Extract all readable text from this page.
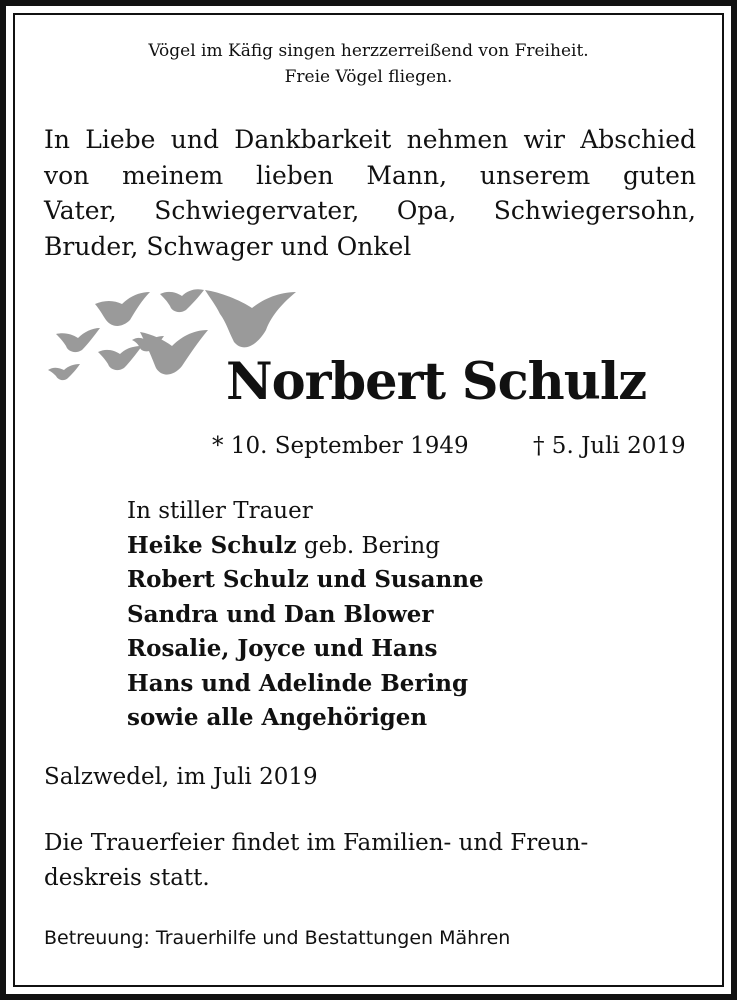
Vögel im Käfig singen herzzerreißend von Freiheit.
Freie Vögel fliegen.
In Liebe und Dankbarkeit nehmen wir Abschied
von meinem lieben Mann, unserem guten
Vater, Schwiegervater, Opa, Schwiegersohn,
Bruder, Schwager und Onkel
Norbert Schulz
* 10. September 1949	† 5. Juli 2019
In stiller Trauer
Heike Schulz geb. Bering
Robert Schulz und Susanne
Sandra und Dan Blower
Rosalie, Joyce und Hans
Hans und Adelinde Bering
sowie alle Angehörigen
Salzwedel, im Juli 2019
Die Trauerfeier findet im Familien- und Freun-
deskreis statt.
Betreuung: Trauerhilfe und Bestattungen Mähren
